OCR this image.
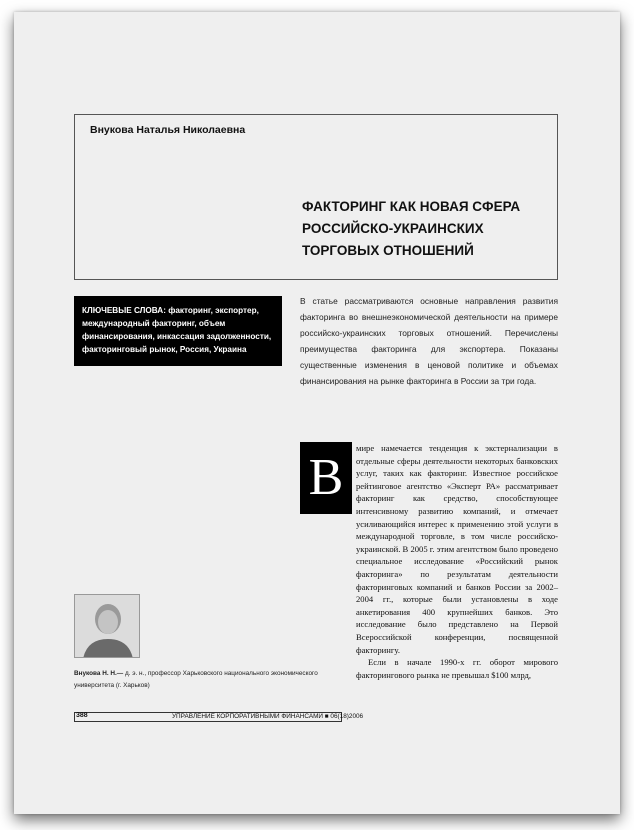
Внукова Наталья Николаевна
ФАКТОРИНГ КАК НОВАЯ СФЕРА
РОССИЙСКО-УКРАИНСКИХ
ТОРГОВЫХ ОТНОШЕНИЙ
КЛЮЧЕВЫЕ СЛОВА: факторинг, экспортер, международный факторинг, объем финансирования, инкассация задолженности, факторинговый рынок, Россия, Украина
В статье рассматриваются основные направления развития факторинга во внешнеэкономической деятельности на примере российско-украинских торговых отношений. Перечислены преимущества факторинга для экспортера. Показаны существенные изменения в ценовой политике и объемах финансирования на рынке факторинга в России за три года.
В

мире намечается тенденция к экстернализации в отдельные сферы деятельности некоторых банковских услуг, таких как факторинг. Известное российское рейтинговое агентство «Эксперт РА» рассматривает факторинг как средство, способствующее интенсивному развитию компаний, и отмечает усиливающийся интерес к применению этой услуги в международной торговле, в том числе российско-украинской. В 2005 г. этим агентством было проведено специальное исследование «Российский рынок факторинга» по результатам деятельности факторинговых компаний и банков России за 2002–2004 гг., которые были установлены в ходе анкетирования 400 крупнейших банков. Это исследование было представлено на Первой Всероссийской конференции, посвященной факторингу.

Если в начале 1990-х гг. оборот мирового факторингового рынка не превышал $100 млрд,

Внукова Н. Н.— д. э. н., профессор Харьковского национального экономического университета (г. Харьков)
388	УПРАВЛЕНИЕ КОРПОРАТИВНЫМИ ФИНАНСАМИ ■ 06(18)2006
